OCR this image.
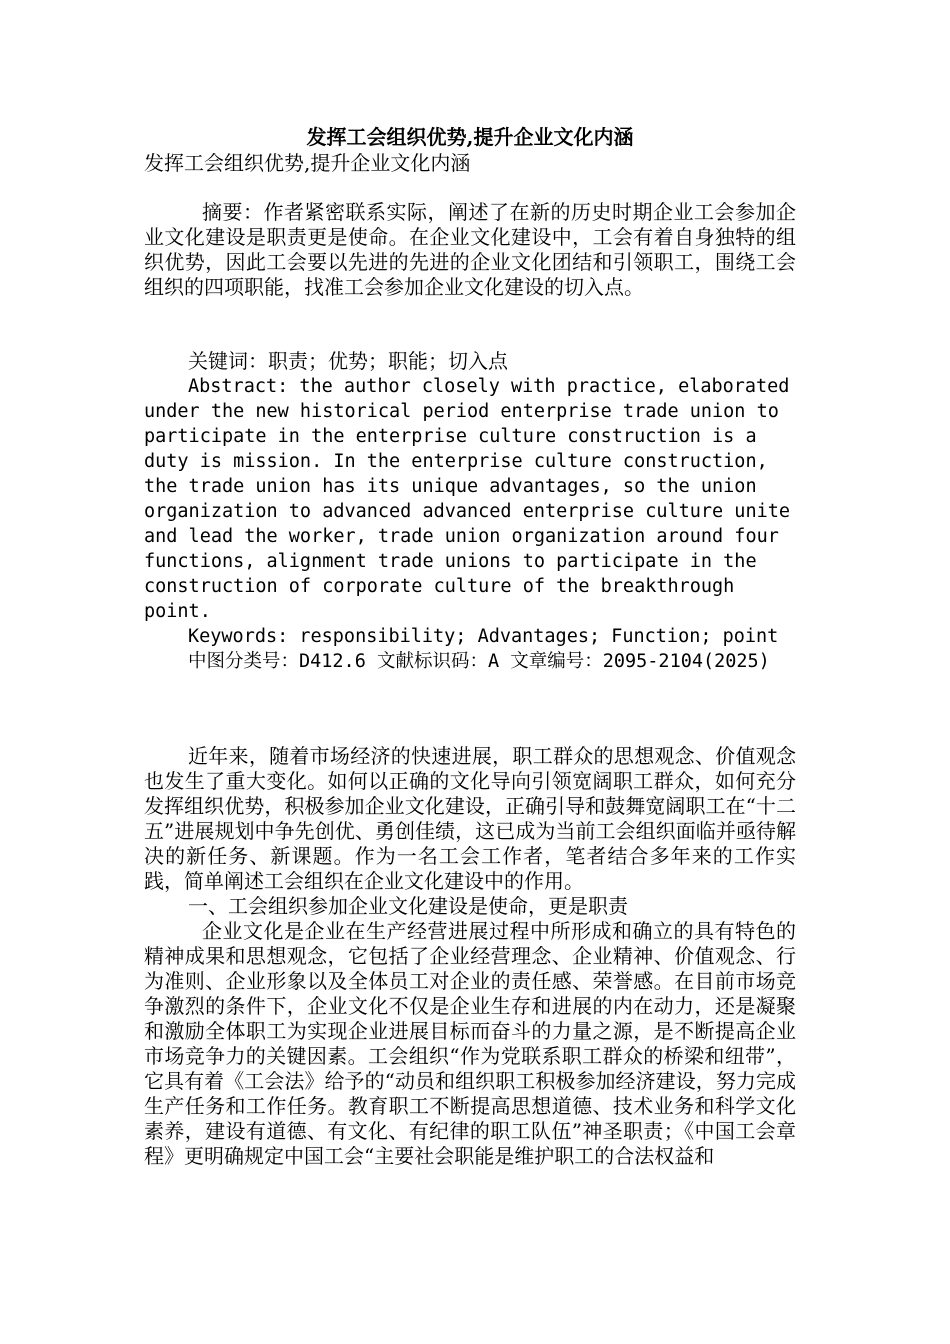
发挥工会组织优势,提升企业文化内涵
发挥工会组织优势,提升企业文化内涵
摘要：作者紧密联系实际，阐述了在新的历史时期企业工会参加企业文化建设是职责更是使命。在企业文化建设中，工会有着自身独特的组织优势，因此工会要以先进的先进的企业文化团结和引领职工，围绕工会组织的四项职能，找准工会参加企业文化建设的切入点。
关键词：职责；优势；职能；切入点
Abstract: the author closely with practice, elaborated under the new historical period enterprise trade union to participate in the enterprise culture construction is a duty is mission. In the enterprise culture construction, the trade union has its unique advantages, so the union organization to advanced advanced enterprise culture unite and lead the worker, trade union organization around four functions, alignment trade unions to participate in the construction of corporate culture of the breakthrough point.
Keywords: responsibility; Advantages; Function; point
中图分类号：D412.6 文献标识码：A 文章编号：2095-2104(2025)

近年来，随着市场经济的快速进展，职工群众的思想观念、价值观念也发生了重大变化。如何以正确的文化导向引领宽阔职工群众，如何充分发挥组织优势，积极参加企业文化建设，正确引导和鼓舞宽阔职工在“十二五”进展规划中争先创优、勇创佳绩，这已成为当前工会组织面临并亟待解决的新任务、新课题。作为一名工会工作者，笔者结合多年来的工作实践，简单阐述工会组织在企业文化建设中的作用。

一、工会组织参加企业文化建设是使命，更是职责

企业文化是企业在生产经营进展过程中所形成和确立的具有特色的精神成果和思想观念，它包括了企业经营理念、企业精神、价值观念、行为准则、企业形象以及全体员工对企业的责任感、荣誉感。在目前市场竞争激烈的条件下，企业文化不仅是企业生存和进展的内在动力，还是凝聚和激励全体职工为实现企业进展目标而奋斗的力量之源，是不断提高企业市场竞争力的关键因素。工会组织“作为党联系职工群众的桥梁和纽带”，它具有着《工会法》给予的“动员和组织职工积极参加经济建设，努力完成生产任务和工作任务。教育职工不断提高思想道德、技术业务和科学文化素养，建设有道德、有文化、有纪律的职工队伍”神圣职责；《中国工会章程》更明确规定中国工会“主要社会职能是维护职工的合法权益和
